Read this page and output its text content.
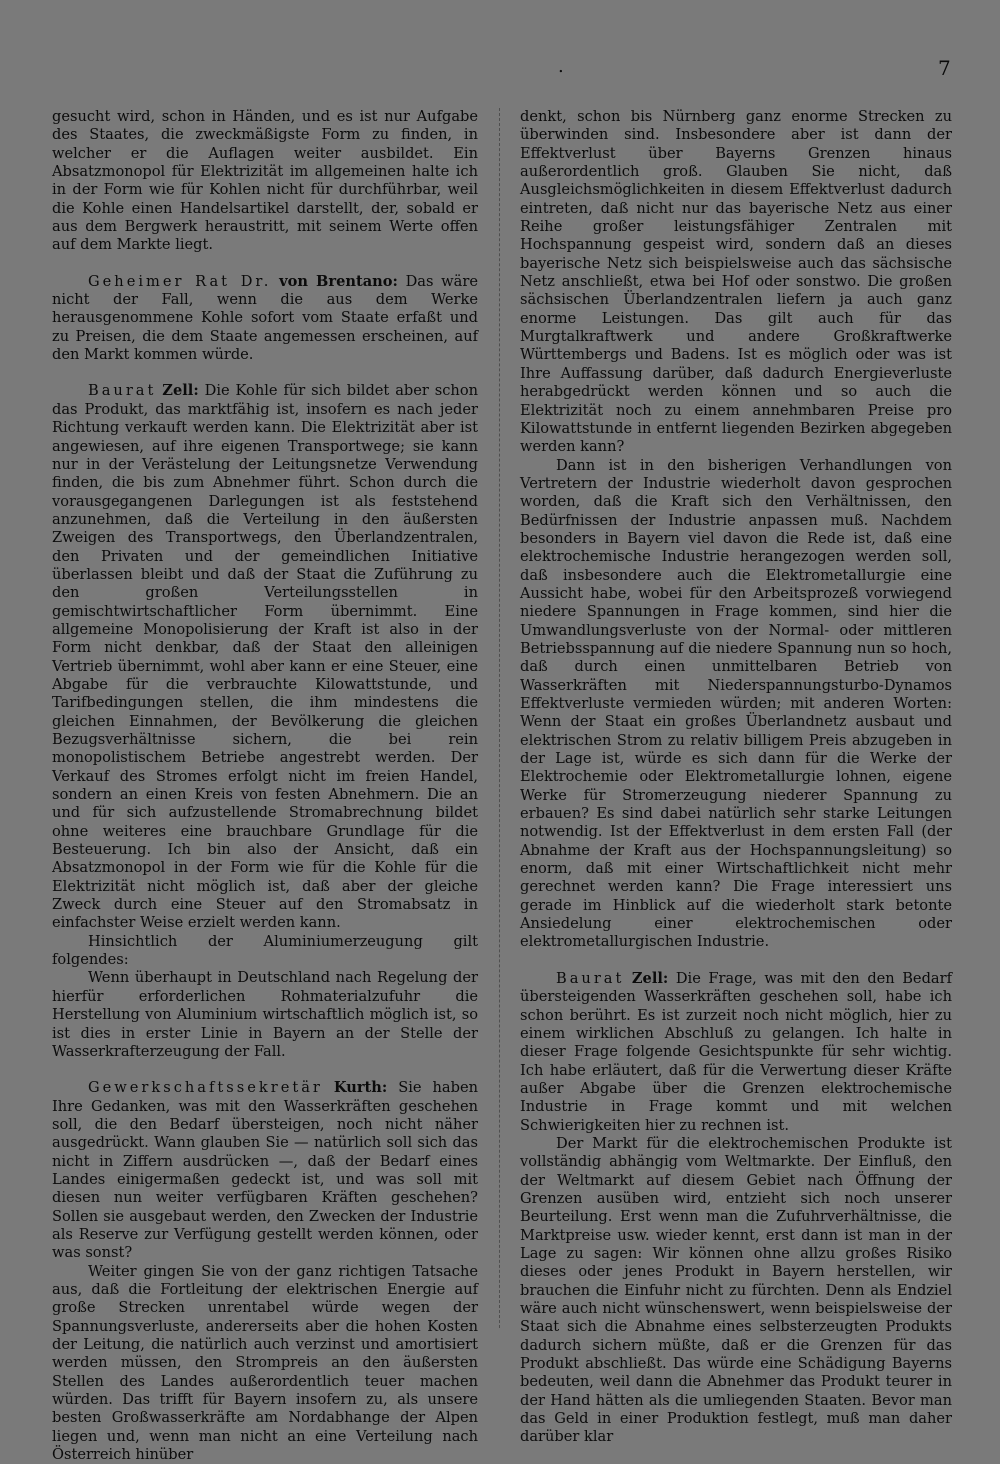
7
.

gesucht wird, schon in Händen, und es ist nur Aufgabe des Staates, die zweckmäßigste Form zu finden, in welcher er die Auflagen weiter ausbildet. Ein Absatzmonopol für Elektrizität im allgemeinen halte ich in der Form wie für Kohlen nicht für durchführbar, weil die Kohle einen Handelsartikel darstellt, der, sobald er aus dem Bergwerk heraustritt, mit seinem Werte offen auf dem Markte liegt.

Geheimer Rat Dr. von Brentano: Das wäre nicht der Fall, wenn die aus dem Werke herausgenommene Kohle sofort vom Staate erfaßt und zu Preisen, die dem Staate angemessen erscheinen, auf den Markt kommen würde.

Baurat Zell: Die Kohle für sich bildet aber schon das Produkt, das marktfähig ist, insofern es nach jeder Richtung verkauft werden kann. Die Elektrizität aber ist angewiesen, auf ihre eigenen Transportwege; sie kann nur in der Verästelung der Leitungsnetze Verwendung finden, die bis zum Abnehmer führt. Schon durch die vorausgegangenen Darlegungen ist als feststehend anzunehmen, daß die Verteilung in den äußersten Zweigen des Transportwegs, den Überlandzentralen, den Privaten und der gemeindlichen Initiative überlassen bleibt und daß der Staat die Zuführung zu den großen Verteilungsstellen in gemischtwirtschaftlicher Form übernimmt. Eine allgemeine Monopolisierung der Kraft ist also in der Form nicht denkbar, daß der Staat den alleinigen Vertrieb übernimmt, wohl aber kann er eine Steuer, eine Abgabe für die verbrauchte Kilowattstunde, und Tarifbedingungen stellen, die ihm mindestens die gleichen Einnahmen, der Bevölkerung die gleichen Bezugsverhältnisse sichern, die bei rein monopolistischem Betriebe angestrebt werden. Der Verkauf des Stromes erfolgt nicht im freien Handel, sondern an einen Kreis von festen Abnehmern. Die an und für sich aufzustellende Stromabrechnung bildet ohne weiteres eine brauchbare Grundlage für die Besteuerung. Ich bin also der Ansicht, daß ein Absatzmonopol in der Form wie für die Kohle für die Elektrizität nicht möglich ist, daß aber der gleiche Zweck durch eine Steuer auf den Stromabsatz in einfachster Weise erzielt werden kann.

Hinsichtlich der Aluminiumerzeugung gilt folgendes:

Wenn überhaupt in Deutschland nach Regelung der hierfür erforderlichen Rohmaterialzufuhr die Herstellung von Aluminium wirtschaftlich möglich ist, so ist dies in erster Linie in Bayern an der Stelle der Wasserkrafterzeugung der Fall.

Gewerkschaftssekretär Kurth: Sie haben Ihre Gedanken, was mit den Wasserkräften geschehen soll, die den Bedarf übersteigen, noch nicht näher ausgedrückt. Wann glauben Sie — natürlich soll sich das nicht in Ziffern ausdrücken —, daß der Bedarf eines Landes einigermaßen gedeckt ist, und was soll mit diesen nun weiter verfügbaren Kräften geschehen? Sollen sie ausgebaut werden, den Zwecken der Industrie als Reserve zur Verfügung gestellt werden können, oder was sonst?

Weiter gingen Sie von der ganz richtigen Tatsache aus, daß die Fortleitung der elektrischen Energie auf große Strecken unrentabel würde wegen der Spannungsverluste, andererseits aber die hohen Kosten der Leitung, die natürlich auch verzinst und amortisiert werden müssen, den Strompreis an den äußersten Stellen des Landes außerordentlich teuer machen würden. Das trifft für Bayern insofern zu, als unsere besten Großwasserkräfte am Nordabhange der Alpen liegen und, wenn man nicht an eine Verteilung nach Österreich hinüber

denkt, schon bis Nürnberg ganz enorme Strecken zu überwinden sind. Insbesondere aber ist dann der Effektverlust über Bayerns Grenzen hinaus außerordentlich groß. Glauben Sie nicht, daß Ausgleichsmöglichkeiten in diesem Effektverlust dadurch eintreten, daß nicht nur das bayerische Netz aus einer Reihe großer leistungsfähiger Zentralen mit Hochspannung gespeist wird, sondern daß an dieses bayerische Netz sich beispielsweise auch das sächsische Netz anschließt, etwa bei Hof oder sonstwo. Die großen sächsischen Überlandzentralen liefern ja auch ganz enorme Leistungen. Das gilt auch für das Murgtalkraftwerk und andere Großkraftwerke Württembergs und Badens. Ist es möglich oder was ist Ihre Auffassung darüber, daß dadurch Energieverluste herabgedrückt werden können und so auch die Elektrizität noch zu einem annehmbaren Preise pro Kilowattstunde in entfernt liegenden Bezirken abgegeben werden kann?

Dann ist in den bisherigen Verhandlungen von Vertretern der Industrie wiederholt davon gesprochen worden, daß die Kraft sich den Verhältnissen, den Bedürfnissen der Industrie anpassen muß. Nachdem besonders in Bayern viel davon die Rede ist, daß eine elektrochemische Industrie herangezogen werden soll, daß insbesondere auch die Elektrometallurgie eine Aussicht habe, wobei für den Arbeitsprozeß vorwiegend niedere Spannungen in Frage kommen, sind hier die Umwandlungsverluste von der Normal- oder mittleren Betriebsspannung auf die niedere Spannung nun so hoch, daß durch einen unmittelbaren Betrieb von Wasserkräften mit Niederspannungsturbo-Dynamos Effektverluste vermieden würden; mit anderen Worten: Wenn der Staat ein großes Überlandnetz ausbaut und elektrischen Strom zu relativ billigem Preis abzugeben in der Lage ist, würde es sich dann für die Werke der Elektrochemie oder Elektrometallurgie lohnen, eigene Werke für Stromerzeugung niederer Spannung zu erbauen? Es sind dabei natürlich sehr starke Leitungen notwendig. Ist der Effektverlust in dem ersten Fall (der Abnahme der Kraft aus der Hochspannungsleitung) so enorm, daß mit einer Wirtschaftlichkeit nicht mehr gerechnet werden kann? Die Frage interessiert uns gerade im Hinblick auf die wiederholt stark betonte Ansiedelung einer elektrochemischen oder elektrometallurgischen Industrie.

Baurat Zell: Die Frage, was mit den den Bedarf übersteigenden Wasserkräften geschehen soll, habe ich schon berührt. Es ist zurzeit noch nicht möglich, hier zu einem wirklichen Abschluß zu gelangen. Ich halte in dieser Frage folgende Gesichtspunkte für sehr wichtig. Ich habe erläutert, daß für die Verwertung dieser Kräfte außer Abgabe über die Grenzen elektrochemische Industrie in Frage kommt und mit welchen Schwierigkeiten hier zu rechnen ist.

Der Markt für die elektrochemischen Produkte ist vollständig abhängig vom Weltmarkte. Der Einfluß, den der Weltmarkt auf diesem Gebiet nach Öffnung der Grenzen ausüben wird, entzieht sich noch unserer Beurteilung. Erst wenn man die Zufuhrverhältnisse, die Marktpreise usw. wieder kennt, erst dann ist man in der Lage zu sagen: Wir können ohne allzu großes Risiko dieses oder jenes Produkt in Bayern herstellen, wir brauchen die Einfuhr nicht zu fürchten. Denn als Endziel wäre auch nicht wünschenswert, wenn beispielsweise der Staat sich die Abnahme eines selbsterzeugten Produkts dadurch sichern müßte, daß er die Grenzen für das Produkt abschließt. Das würde eine Schädigung Bayerns bedeuten, weil dann die Abnehmer das Produkt teurer in der Hand hätten als die umliegenden Staaten. Bevor man das Geld in einer Produktion festlegt, muß man daher darüber klar
